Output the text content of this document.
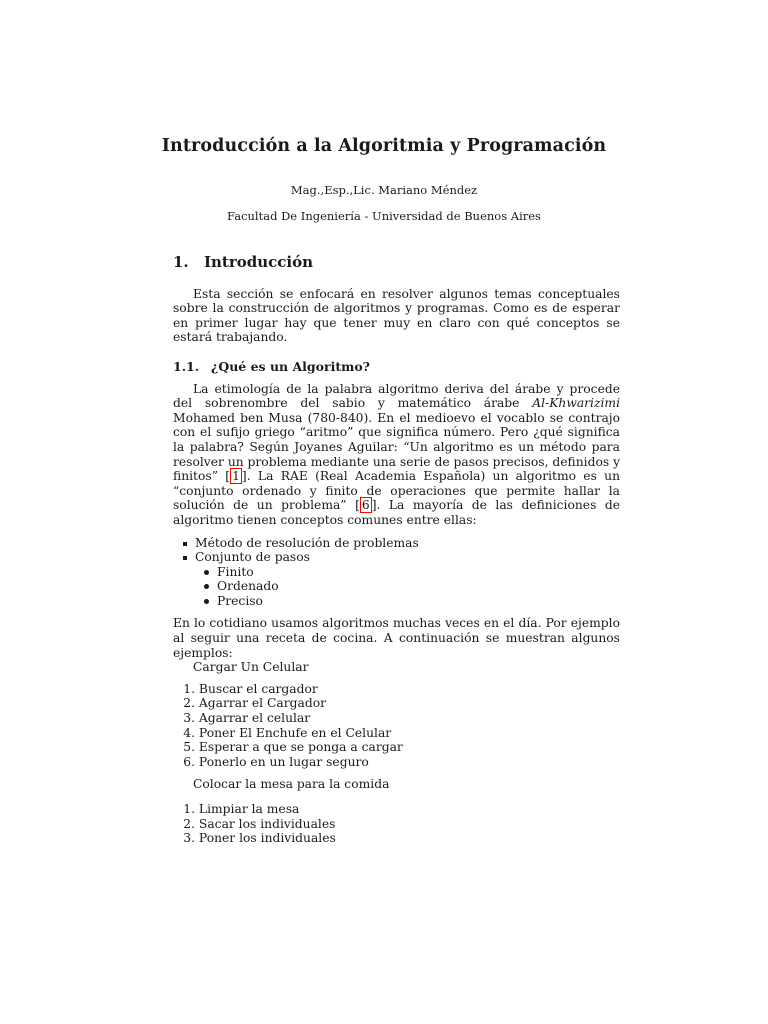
Introducción a la Algoritmia y Programación
Mag.,Esp.,Lic. Mariano Méndez
Facultad De Ingeniería - Universidad de Buenos Aires
1.	Introducción

Esta sección se enfocará en resolver algunos temas conceptuales sobre la construcción de algoritmos y programas. Como es de esperar en primer lugar hay que tener muy en claro con qué conceptos se estará trabajando.

1.1. ¿Qué es un Algoritmo?

La etimología de la palabra algoritmo deriva del árabe y procede del sobrenombre del sabio y matemático árabe Al-Khwarizimi Mohamed ben Musa (780-840). En el medioevo el vocablo se contrajo con el sufijo griego “aritmo” que significa número. Pero ¿qué significa la palabra? Según Joyanes Aguilar: “Un algoritmo es un método para resolver un problema mediante una serie de pasos precisos, definidos y finitos” [ 1 ]. La RAE (Real Academia Española) un algoritmo es un “conjunto ordenado y finito de operaciones que permite hallar la solución de un problema” [ 6 ]. La mayoría de las definiciones de algoritmo tienen conceptos comunes entre ellas:

Método de resolución de problemas
Conjunto de pasos
Finito
Ordenado
Preciso

En lo cotidiano usamos algoritmos muchas veces en el día. Por ejemplo al seguir una receta de cocina. A continuación se muestran algunos ejemplos:

Cargar Un Celular

1.
Buscar el cargador
2.
Agarrar el Cargador
3.
Agarrar el celular
4.
Poner El Enchufe en el Celular
5.
Esperar a que se ponga a cargar
6.
Ponerlo en un lugar seguro

Colocar la mesa para la comida

1.
Limpiar la mesa
2.
Sacar los individuales
3.
Poner los individuales
